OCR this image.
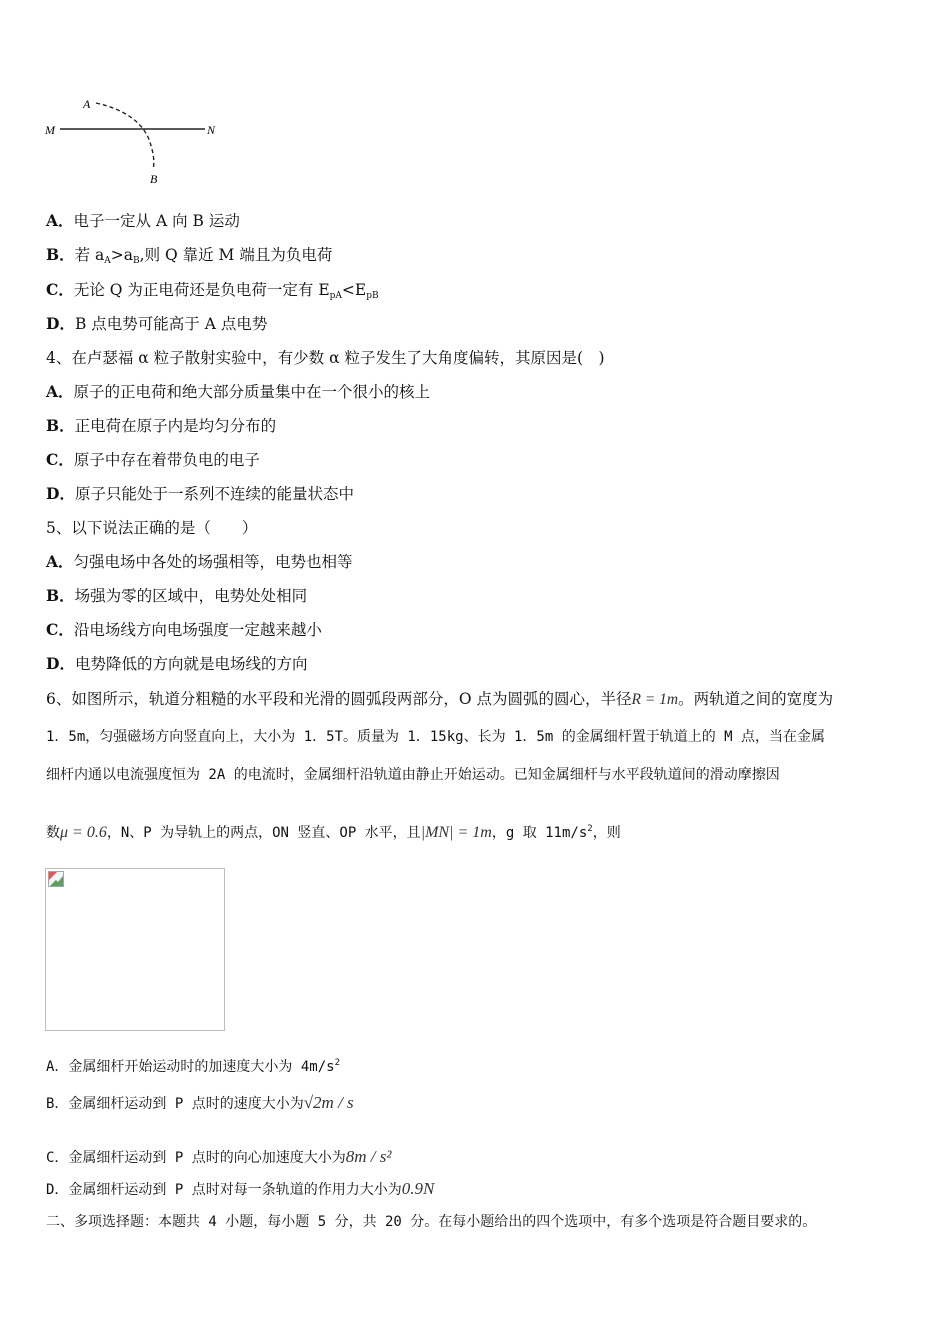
A
M	N
B
A．电子一定从 A 向 B 运动
B．若 $a_A>a_B$,则 Q 靠近 M 端且为负电荷
C．无论 Q 为正电荷还是负电荷一定有 $E_{pA}<E_{pB}$
D．B 点电势可能高于 A 点电势
4、在卢瑟福 α 粒子散射实验中，有少数 α 粒子发生了大角度偏转，其原因是(　)
A．原子的正电荷和绝大部分质量集中在一个很小的核上
B．正电荷在原子内是均匀分布的
C．原子中存在着带负电的电子
D．原子只能处于一系列不连续的能量状态中
5、以下说法正确的是（　　）
A．匀强电场中各处的场强相等，电势也相等
B．场强为零的区域中，电势处处相同
C．沿电场线方向电场强度一定越来越小
D．电势降低的方向就是电场线的方向
6、如图所示，轨道分粗糙的水平段和光滑的圆弧段两部分，O 点为圆弧的圆心，半径R = 1m。两轨道之间的宽度为
1．5m，匀强磁场方向竖直向上，大小为 1．5T。质量为 1．15kg、长为 1．5m 的金属细杆置于轨道上的 M 点，当在金属
细杆内通以电流强度恒为 2A 的电流时，金属细杆沿轨道由静止开始运动。已知金属细杆与水平段轨道间的滑动摩擦因
数μ = 0.6，N、P 为导轨上的两点，ON 竖直、OP 水平，且|MN| = 1m，g 取 $11m/s^2$，则
A．金属细杆开始运动时的加速度大小为 $4m/s^2$
B．金属细杆运动到 P 点时的速度大小为√2m / s
C．金属细杆运动到 P 点时的向心加速度大小为8m / s²
D．金属细杆运动到 P 点时对每一条轨道的作用力大小为0.9N
二、多项选择题：本题共 4 小题，每小题 5 分，共 20 分。在每小题给出的四个选项中，有多个选项是符合题目要求的。
